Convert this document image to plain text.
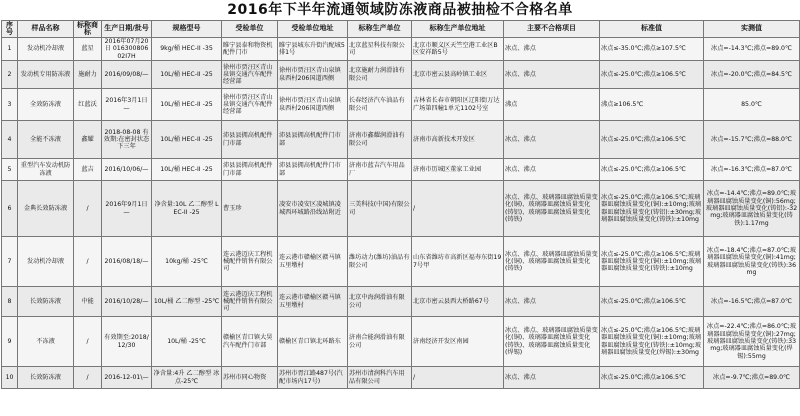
2016年下半年流通领域防冻液商品被抽检不合格名单
序号	样品名称	标称商标	生产日期/批号	规格型号	受检单位	受检单位地址	标称生产单位	标称生产单位地址	主要不合格项目	标准值	实测值
1	发动机冷却液	蓝星	2016年07月20日 01630080602I7H	9kg/桶 HEC-II -35	睢宁县泰和物资机配件门市	睢宁县城东升街汽配城5排1号	北京蓝星科技有限公司	北京市顺义区天竺空港工业区B区安祥路5号	冰点、沸点	冰点≤-35.0℃;沸点≥107.5℃	冰点=-14.3℃;沸点=89.0℃
2	发动机专用防冻液	施耐力	2016/09/08/—	10L/桶 HEC-II -25	徐州市贾汪区青山泉镇交通汽车配件经营部	徐州市贾汪区青山泉镇泉西村206国道西侧	北京施耐力润滑油有限公司	北京市密云县高岭镇工业区	冰点、沸点	冰点≤-25.0℃;沸点≥106.5℃	冰点=-20.0℃;沸点=84.5℃
3	全效防冻液	红蓝沃	2016年3月1日—	10L/桶 HEC-II -25	徐州市贾汪区青山泉镇交通汽车配件经营部	徐州市贾汪区青山泉镇泉西村206国道西侧	长春经济汽车油品有限公司	吉林省长春市朝阳区辽阳街万达广场第四幢1单元1102号室	沸点	沸点≥106.5℃	85.0℃
4	全能不冻液	鑫耀	2018-08-08 有效期:在密封状态下三年	10L/桶 HEC-II -25	沛县县拥高机配件门市部	沛县县拥高机配件门市部	济南市鑫耀润滑油有限公司	济南市高新技术开发区	冰点、沸点	冰点≤-25.0℃;沸点≥106.5℃	冰点=-15.7℃;沸点=88.0℃
5	重型汽车发动机防冻液	蓝吉	2016/10/06/—	10L/桶 HEC-II -25	沛县县拥高机配件门市部	沛县县拥高机配件门市部	济南市蓝吉汽车用品厂	济南市历城区董家工业园	冰点、沸点	冰点≤-25.0℃;沸点≥106.5℃	冰点=-16.3℃;沸点=87.0℃
6	金典长效防冻液	/	2016年9月1日—	净含量:10L 乙二醇型 LEC-II -25	曹玉珍	凌安市凌安区凌城镇凌城西环城路沿线站附近	三美科技(中国)有限公司	/	冰点、沸点、玻璃器皿腐蚀质量变化(铜)、玻璃器皿腐蚀质量变化(铸铝)、玻璃器皿腐蚀质量变化(铸铁)	冰点≤-25.0℃;沸点≥106.5℃;玻璃器皿腐蚀质量变化(铜):±10mg;玻璃器皿腐蚀质量变化(铸铝):±30mg;玻璃器皿腐蚀质量变化(铸铁):±10mg	冰点=-14.4℃;沸点=89.0℃;玻璃器皿腐蚀质量变化(铜):56mg;玻璃器皿腐蚀质量变化(铸铝):-32mg;玻璃器皿腐蚀质量变化(铸铁):1.17mg
7	发动机冷却液	/	2016/08/18/—	10kg/桶 -25℃	连云港迈庆工程机械配件销售有限公司	连云港市赣榆区赣马镇五里墩村	潍坊动力(潍坊)油品有限公司	山东省潍坊市高新区福寿东街197号甲	冰点、沸点、玻璃器皿腐蚀质量变化(铜)、玻璃器皿腐蚀质量变化(铸铁)	冰点≤-25.0℃;沸点≥106.5℃;玻璃器皿腐蚀质量变化(铜):±10mg;玻璃器皿腐蚀质量变化(铸铁):±10mg	冰点=-18.4℃;沸点=87.0℃;玻璃器皿腐蚀质量变化(铜):41mg;玻璃器皿腐蚀质量变化(铸铁):36mg
8	长效防冻液	中能	2016/10/28/—	10L/桶 乙二醇型 -25℃	连云港迈庆工程机械配件销售有限公司	连云港市赣榆区赣马镇五里墩村	北京中海润滑油有限公司	北京市密云县西大桥路67号	冰点、沸点	冰点≤-25.0℃;沸点≥106.5℃	冰点=-16.5℃;沸点=87.0℃
9	不冻液	/	有效期至:2018/12/30	10L/桶 -25℃	赣榆区青口镇大昊汽车配件门市部	赣榆区青口镇北环路东	济南合能润滑油有限公司	济南经济开发区南园	冰点、沸点、玻璃器皿腐蚀质量变化(铜)、玻璃器皿腐蚀质量变化(铸铁)、玻璃器皿腐蚀质量变化(焊锡)	冰点≤-25.0℃;沸点≥106.5℃;玻璃器皿腐蚀质量变化(铜):±10mg;玻璃器皿腐蚀质量变化(铸铁):±10mg;玻璃器皿腐蚀质量变化(焊锡):±30mg	冰点=-22.4℃;沸点=86.0℃;玻璃器皿腐蚀质量变化(铜):27mg;玻璃器皿腐蚀质量变化(铸铁):33mg;玻璃器皿腐蚀质量变化(焊锡):55mg
10	长效防冻液	/	2016-12-01\—	净含量:4升 乙二醇型 冰点-25℃	苏州市同心物资	苏州市胥江路487号(汽配市场内17号)	苏州市清润科汽车用品有限公司	/	冰点、沸点	冰点≤-25.0℃;沸点≥106.5℃	冰点=-9.7℃;沸点=89.0℃
